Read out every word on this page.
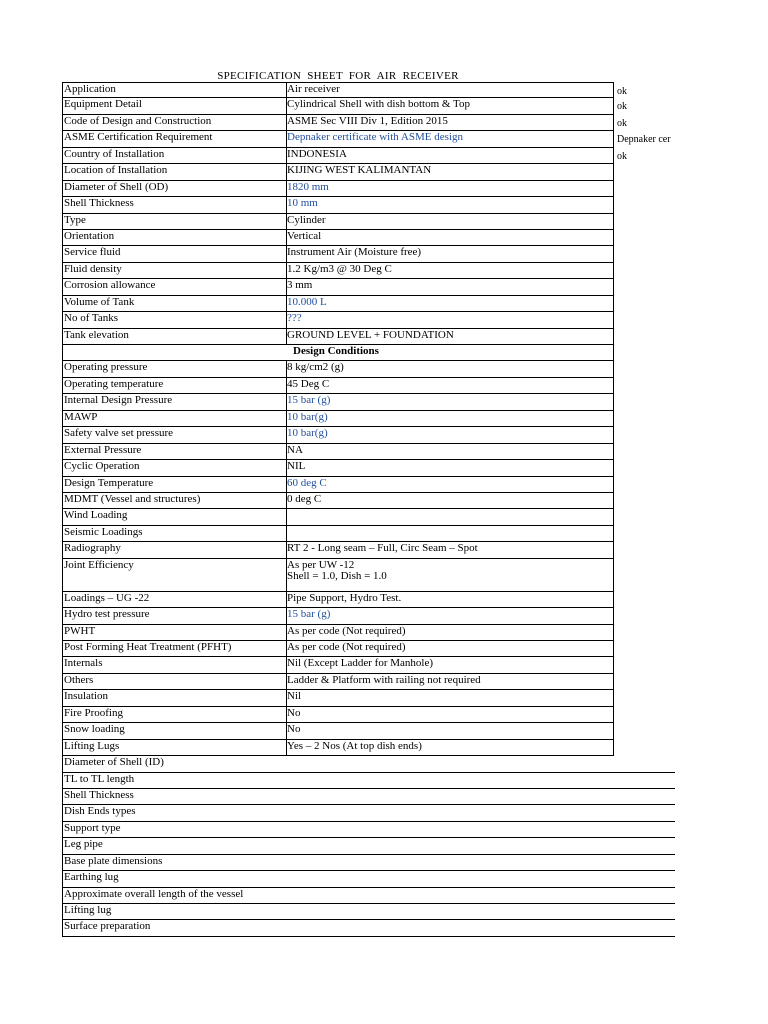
SPECIFICATION  SHEET  FOR  AIR  RECEIVER
Application	Air receiver	ok
Equipment Detail	Cylindrical Shell with dish bottom & Top	ok
Code of Design and Construction	ASME Sec VIII Div 1, Edition 2015	ok
ASME Certification Requirement	Depnaker certificate with ASME design	Depnaker cer
Country of Installation	INDONESIA	ok
Location of Installation	KIJING WEST KALIMANTAN
Diameter of Shell (OD)	1820 mm
Shell Thickness	10 mm
Type	Cylinder
Orientation	Vertical
Service fluid	Instrument Air (Moisture free)
Fluid density	1.2 Kg/m3 @ 30 Deg C
Corrosion allowance	3 mm
Volume of Tank	10.000 L
No of Tanks	???
Tank elevation	GROUND LEVEL + FOUNDATION
Design Conditions
Operating pressure	8 kg/cm2 (g)
Operating temperature	45 Deg C
Internal Design Pressure	15 bar (g)
MAWP	10 bar(g)
Safety valve set pressure	10 bar(g)
External Pressure	NA
Cyclic Operation	NIL
Design Temperature	60 deg C
MDMT (Vessel and structures)	0 deg C
Wind Loading
Seismic Loadings
Radiography	RT 2 - Long seam – Full, Circ Seam – Spot
Joint Efficiency	As per UW -12
Shell = 1.0, Dish = 1.0
Loadings – UG -22	Pipe Support, Hydro Test.
Hydro test pressure	15 bar (g)
PWHT	As per code (Not required)
Post Forming Heat Treatment (PFHT)	As per code (Not required)
Internals	Nil (Except Ladder for Manhole)
Others	Ladder & Platform with railing not required
Insulation	Nil
Fire Proofing	No
Snow loading	No
Lifting Lugs	Yes – 2 Nos (At top dish ends)
Diameter of Shell (ID)
TL to TL length
Shell Thickness
Dish Ends types
Support type
Leg pipe
Base plate dimensions
Earthing lug
Approximate overall length of the vessel
Lifting lug
Surface preparation
